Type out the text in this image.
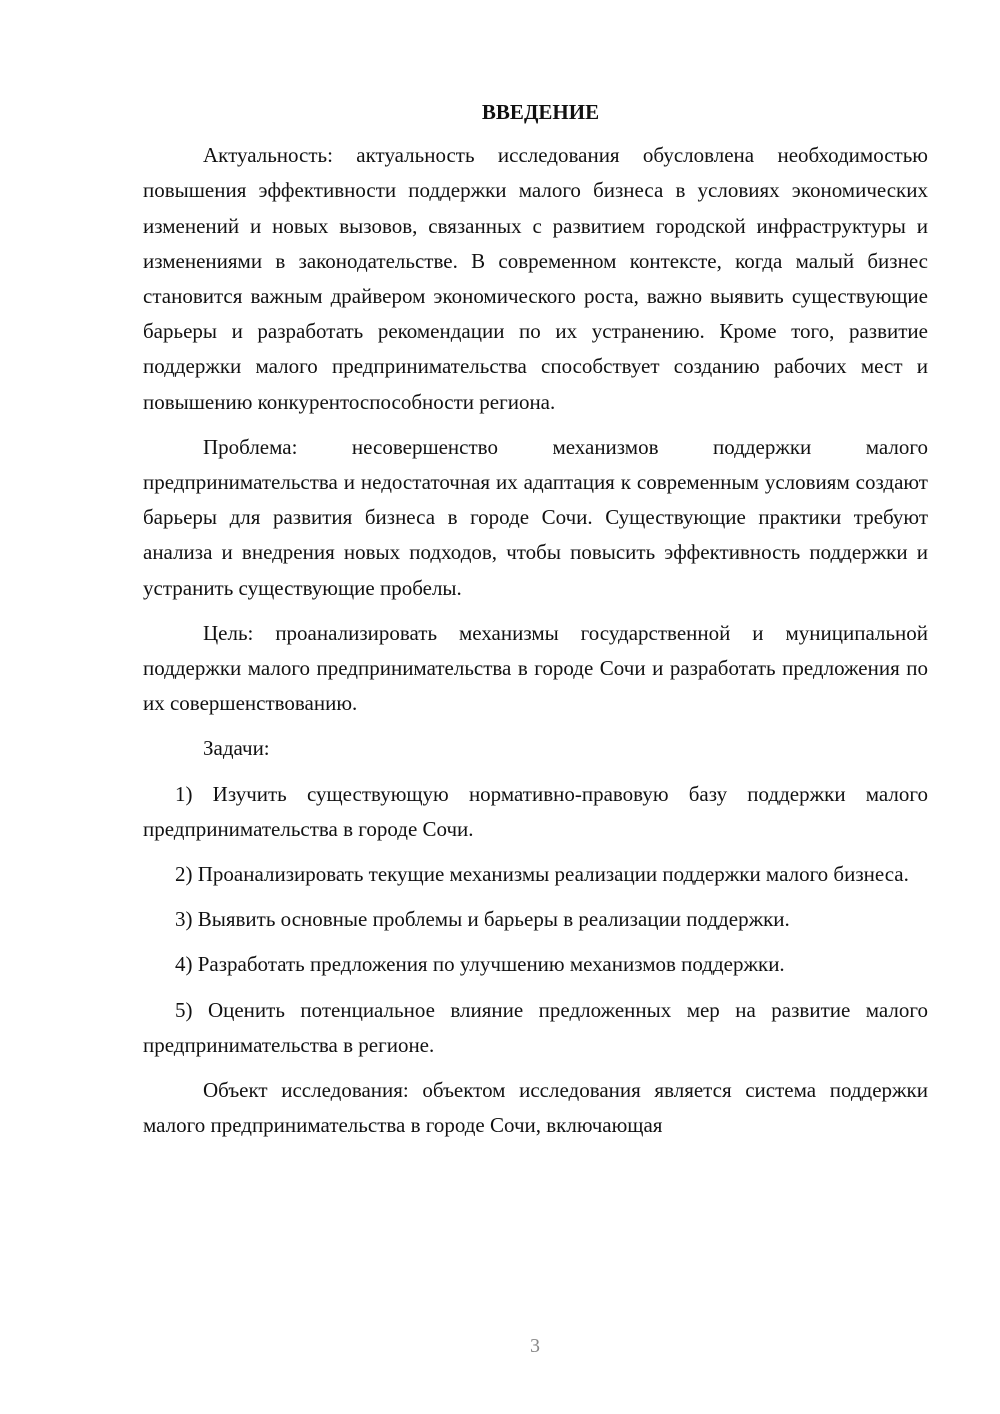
ВВЕДЕНИЕ

Актуальность: актуальность исследования обусловлена необходимостью повышения эффективности поддержки малого бизнеса в условиях экономических изменений и новых вызовов, связанных с развитием городской инфраструктуры и изменениями в законодательстве. В современном контексте, когда малый бизнес становится важным драйвером экономического роста, важно выявить существующие барьеры и разработать рекомендации по их устранению. Кроме того, развитие поддержки малого предпринимательства способствует созданию рабочих мест и повышению конкурентоспособности региона.

Проблема: несовершенство механизмов поддержки малого предпринимательства и недостаточная их адаптация к современным условиям создают барьеры для развития бизнеса в городе Сочи. Существующие практики требуют анализа и внедрения новых подходов, чтобы повысить эффективность поддержки и устранить существующие пробелы.

Цель: проанализировать механизмы государственной и муниципальной поддержки малого предпринимательства в городе Сочи и разработать предложения по их совершенствованию.

Задачи:

1) Изучить существующую нормативно-правовую базу поддержки малого предпринимательства в городе Сочи.

2) Проанализировать текущие механизмы реализации поддержки малого бизнеса.

3) Выявить основные проблемы и барьеры в реализации поддержки.

4) Разработать предложения по улучшению механизмов поддержки.

5) Оценить потенциальное влияние предложенных мер на развитие малого предпринимательства в регионе.

Объект исследования: объектом исследования является система поддержки малого предпринимательства в городе Сочи, включающая

3
